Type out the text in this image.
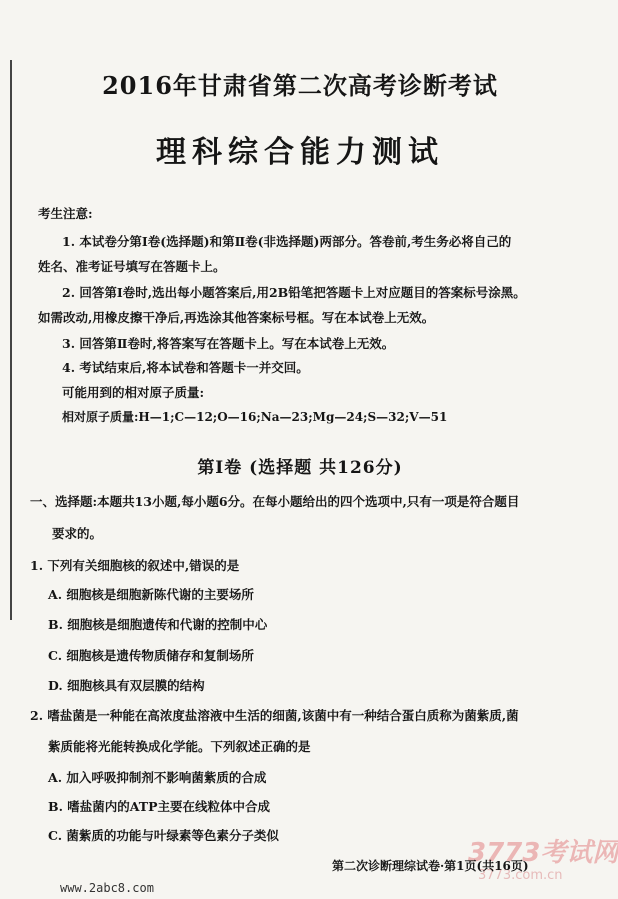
2016年甘肃省第二次高考诊断考试
理科综合能力测试
考生注意:
1. 本试卷分第Ⅰ卷(选择题)和第Ⅱ卷(非选择题)两部分。答卷前,考生务必将自己的
姓名、准考证号填写在答题卡上。
2. 回答第Ⅰ卷时,选出每小题答案后,用2B铅笔把答题卡上对应题目的答案标号涂黑。
如需改动,用橡皮擦干净后,再选涂其他答案标号框。写在本试卷上无效。
3. 回答第Ⅱ卷时,将答案写在答题卡上。写在本试卷上无效。
4. 考试结束后,将本试卷和答题卡一并交回。
可能用到的相对原子质量:
相对原子质量:H—1;C—12;O—16;Na—23;Mg—24;S—32;V—51
第Ⅰ卷 (选择题 共126分)
一、选择题:本题共13小题,每小题6分。在每小题给出的四个选项中,只有一项是符合题目
要求的。
1. 下列有关细胞核的叙述中,错误的是
A. 细胞核是细胞新陈代谢的主要场所
B. 细胞核是细胞遗传和代谢的控制中心
C. 细胞核是遗传物质储存和复制场所
D. 细胞核具有双层膜的结构
2. 嗜盐菌是一种能在高浓度盐溶液中生活的细菌,该菌中有一种结合蛋白质称为菌紫质,菌
紫质能将光能转换成化学能。下列叙述正确的是
A. 加入呼吸抑制剂不影响菌紫质的合成
B. 嗜盐菌内的ATP主要在线粒体中合成
C. 菌紫质的功能与叶绿素等色素分子类似
3773考试网
3773.com.cn
第二次诊断理综试卷·第1页(共16页)
www.2abc8.com
